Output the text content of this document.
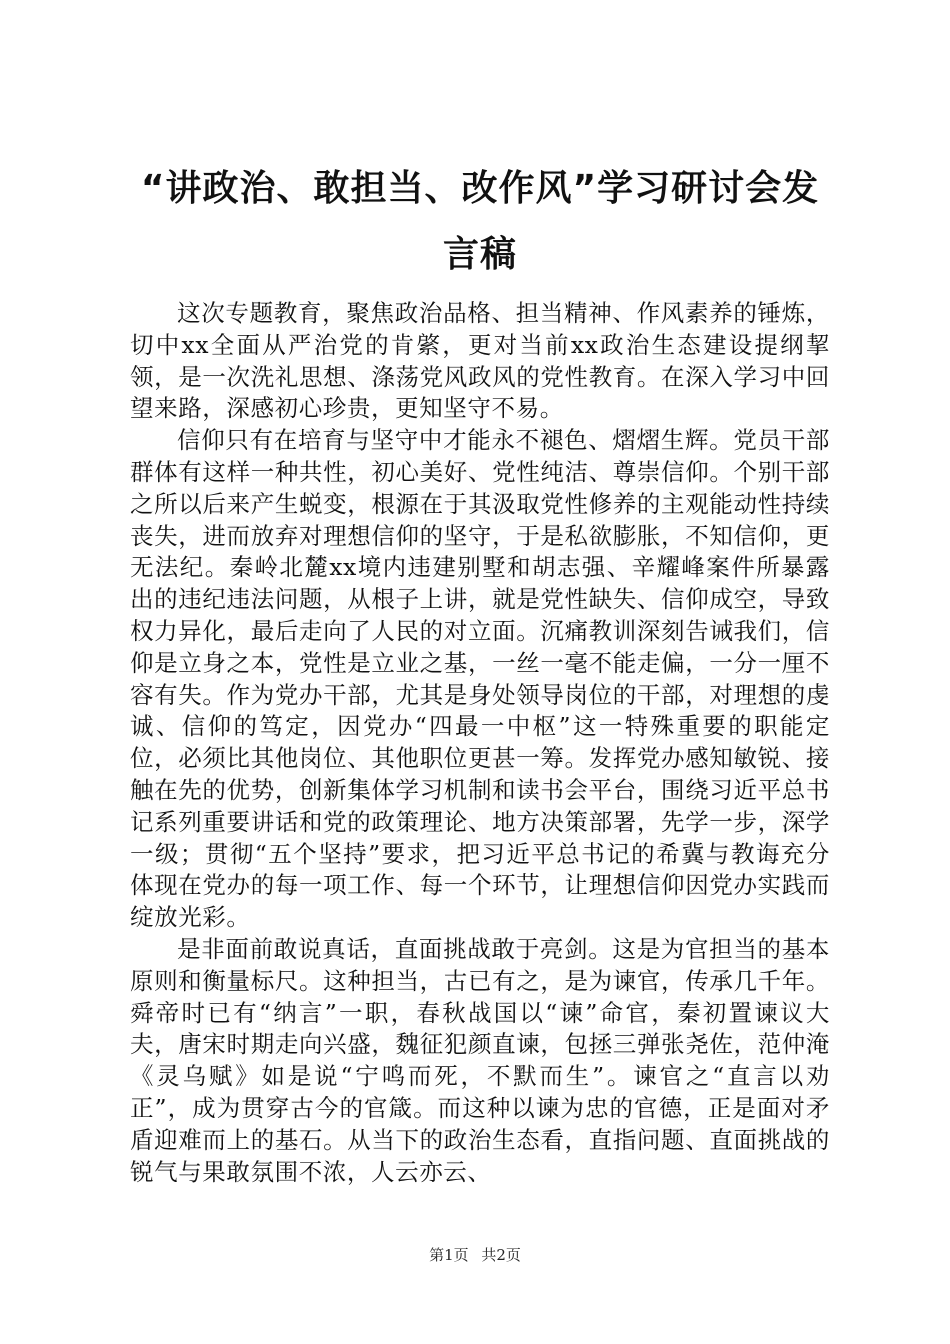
“讲政治、敢担当、改作风”学习研讨会发言稿

这次专题教育，聚焦政治品格、担当精神、作风素养的锤炼，切中xx全面从严治党的肯綮，更对当前xx政治生态建设提纲挈领，是一次洗礼思想、涤荡党风政风的党性教育。在深入学习中回望来路，深感初心珍贵，更知坚守不易。

信仰只有在培育与坚守中才能永不褪色、熠熠生辉。党员干部群体有这样一种共性，初心美好、党性纯洁、尊崇信仰。个别干部之所以后来产生蜕变，根源在于其汲取党性修养的主观能动性持续丧失，进而放弃对理想信仰的坚守，于是私欲膨胀，不知信仰，更无法纪。秦岭北麓xx境内违建别墅和胡志强、辛耀峰案件所暴露出的违纪违法问题，从根子上讲，就是党性缺失、信仰成空，导致权力异化，最后走向了人民的对立面。沉痛教训深刻告诫我们，信仰是立身之本，党性是立业之基，一丝一毫不能走偏，一分一厘不容有失。作为党办干部，尤其是身处领导岗位的干部，对理想的虔诚、信仰的笃定，因党办“四最一中枢”这一特殊重要的职能定位，必须比其他岗位、其他职位更甚一筹。发挥党办感知敏锐、接触在先的优势，创新集体学习机制和读书会平台，围绕习近平总书记系列重要讲话和党的政策理论、地方决策部署，先学一步，深学一级；贯彻“五个坚持”要求，把习近平总书记的希冀与教诲充分体现在党办的每一项工作、每一个环节，让理想信仰因党办实践而绽放光彩。

是非面前敢说真话，直面挑战敢于亮剑。这是为官担当的基本原则和衡量标尺。这种担当，古已有之，是为谏官，传承几千年。舜帝时已有“纳言”一职，春秋战国以“谏”命官，秦初置谏议大夫，唐宋时期走向兴盛，魏征犯颜直谏，包拯三弹张尧佐，范仲淹《灵乌赋》如是说“宁鸣而死，不默而生”。谏官之“直言以劝正”，成为贯穿古今的官箴。而这种以谏为忠的官德，正是面对矛盾迎难而上的基石。从当下的政治生态看，直指问题、直面挑战的锐气与果敢氛围不浓，人云亦云、

第1页 共2页
